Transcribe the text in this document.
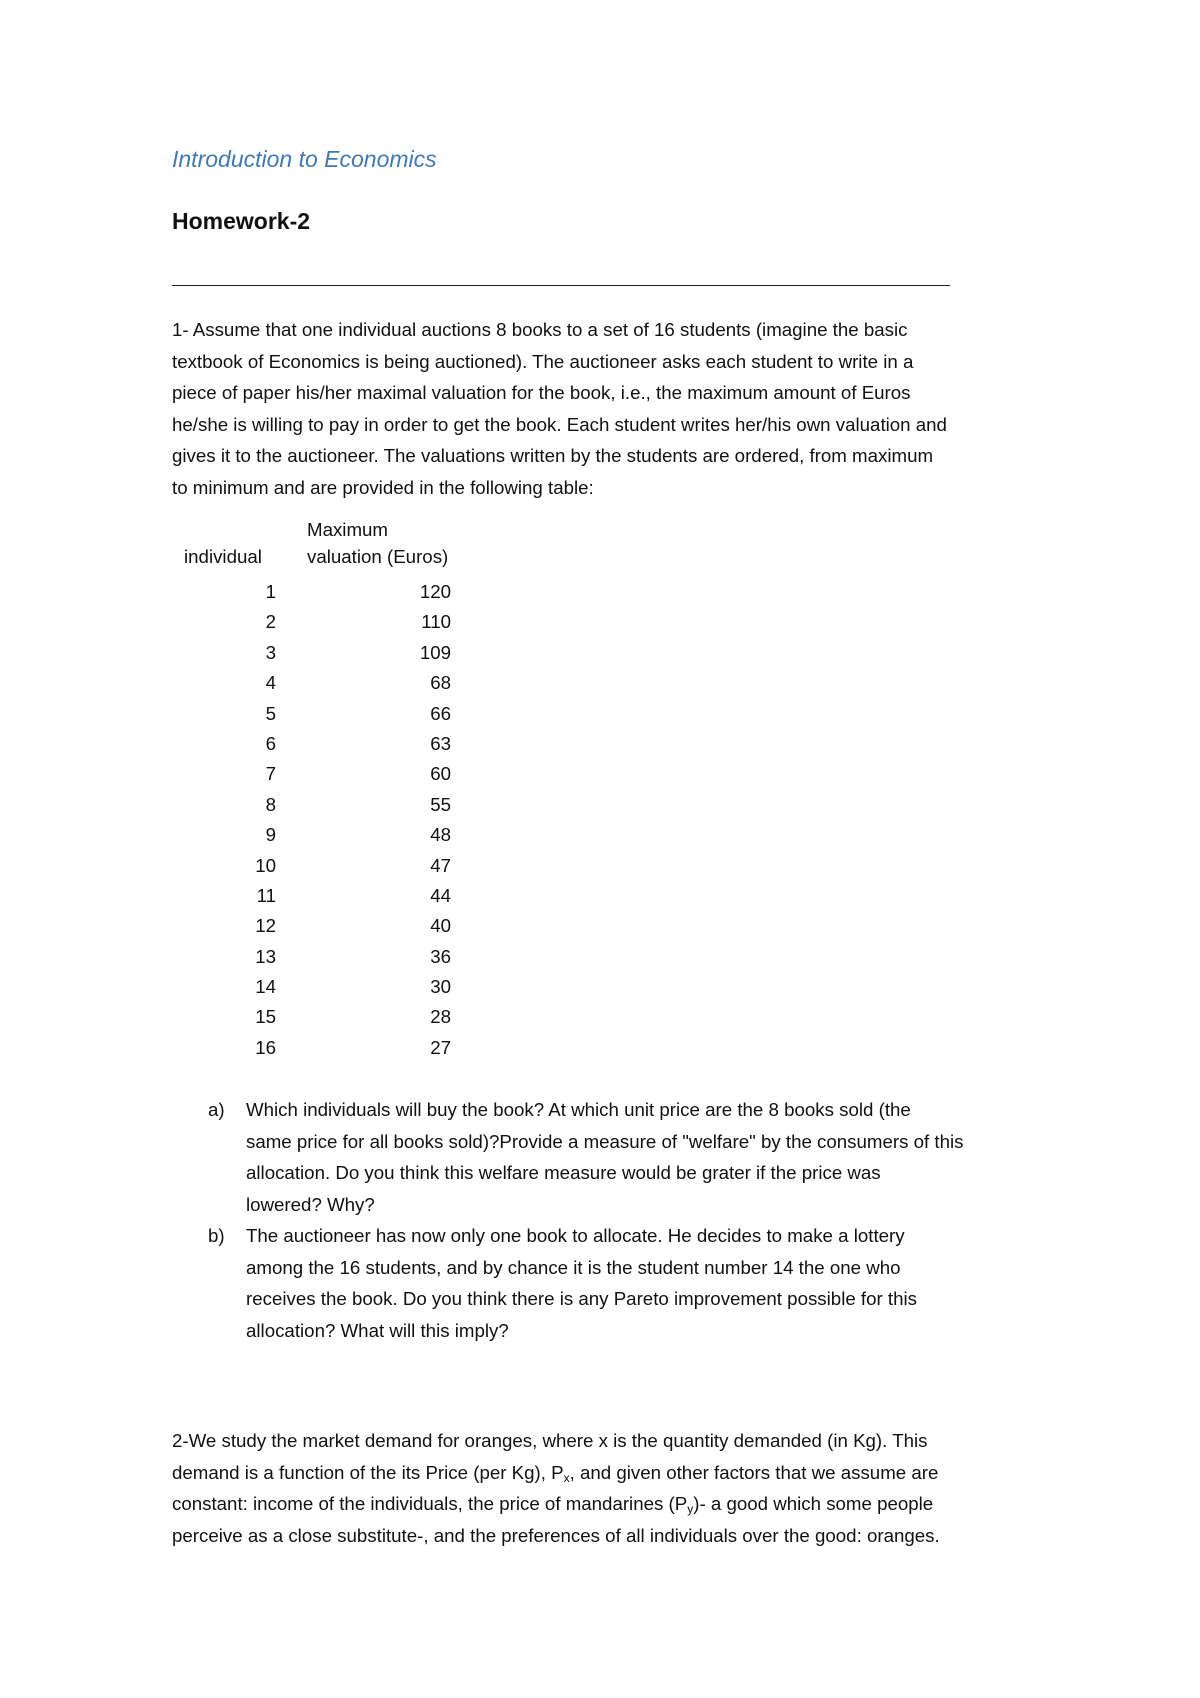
Introduction to Economics
Homework-2
1- Assume that one individual auctions 8 books to a set of 16 students (imagine the basic
textbook of Economics is being auctioned). The auctioneer asks each student to write in a
piece of paper his/her maximal valuation for the book, i.e., the maximum amount of Euros
he/she is willing to pay in order to get the book. Each student writes her/his own valuation and
gives it to the auctioneer. The valuations written by the students are ordered, from maximum
to minimum and are provided in the following table:
Maximum
individual valuation (Euros)
1	120
2	110
3	109
4	68
5	66
6	63
7	60
8	55
9	48
10	47
11	44
12	40
13	36
14	30
15	28
16	27
a) Which individuals will buy the book? At which unit price are the 8 books sold (the
same price for all books sold)?Provide a measure of "welfare" by the consumers of this
allocation. Do you think this welfare measure would be grater if the price was
lowered? Why?
b) The auctioneer has now only one book to allocate. He decides to make a lottery
among the 16 students, and by chance it is the student number 14 the one who
receives the book. Do you think there is any Pareto improvement possible for this
allocation? What will this imply?
2-We study the market demand for oranges, where x is the quantity demanded (in Kg). This
demand is a function of the its Price (per Kg), $P_x$, and given other factors that we assume are
constant: income of the individuals, the price of mandarines $(P_y)-$ a good which some people
perceive as a close substitute-, and the preferences of all individuals over the good: oranges.
